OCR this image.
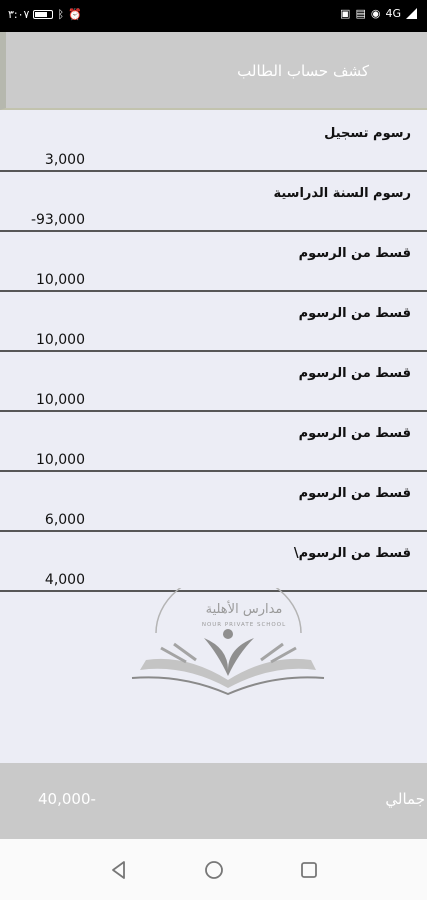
٣:٠٧	ᛒ ⏰	▣ ▤ ◉ 4G
كشف حساب الطالب
رسوم تسجيل
3,000
رسوم السنة الدراسية
-93,000
قسط من الرسوم
10,000
قسط من الرسوم
10,000
قسط من الرسوم
10,000
قسط من الرسوم
10,000
قسط من الرسوم
6,000
قسط من الرسوم\
4,000
مدارس الأهلية
NOUR PRIVATE SCHOOL
جمالي
40,000-
